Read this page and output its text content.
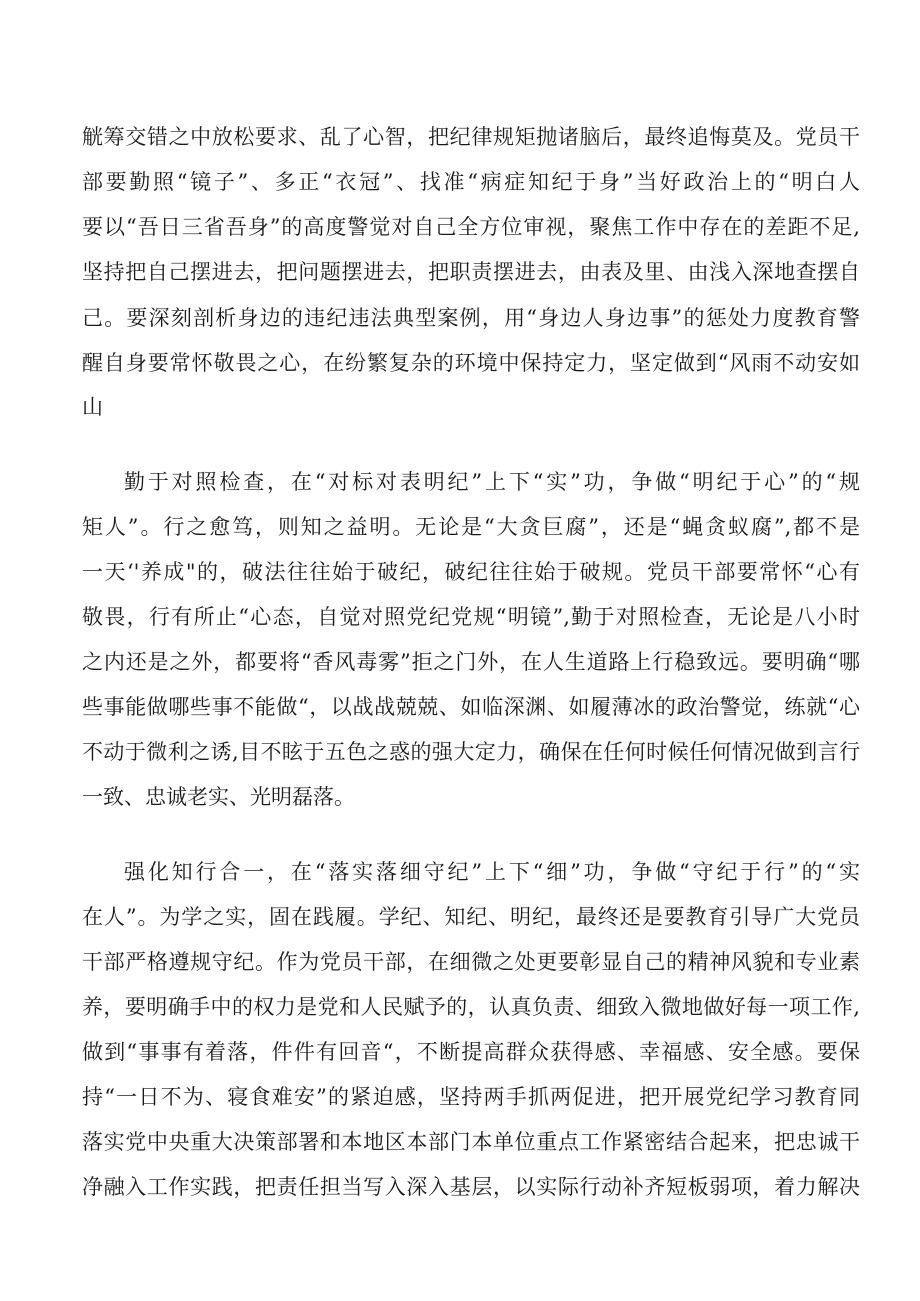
觥筹交错之中放松要求、乱了心智，把纪律规矩抛诸脑后，最终追悔莫及。党员干

部要勤照“镜子”、多正“衣冠”、找准“病症知纪于身”当好政治上的“明白人

要以“吾日三省吾身”的高度警觉对自己全方位审视，聚焦工作中存在的差距不足,

坚持把自己摆进去，把问题摆进去，把职责摆进去，由表及里、由浅入深地查摆自

己。要深刻剖析身边的违纪违法典型案例，用“身边人身边事”的惩处力度教育警

醒自身要常怀敬畏之心，在纷繁复杂的环境中保持定力，坚定做到“风雨不动安如

山

勤于对照检查，在“对标对表明纪”上下“实”功，争做“明纪于心”的“规

矩人”。行之愈笃，则知之益明。无论是“大贪巨腐”，还是“蝇贪蚁腐”,都不是

一天‘'养成"的，破法往往始于破纪，破纪往往始于破规。党员干部要常怀“心有

敬畏，行有所止“心态，自觉对照党纪党规“明镜”,勤于对照检查，无论是八小时

之内还是之外，都要将“香风毒雾”拒之门外，在人生道路上行稳致远。要明确“哪

些事能做哪些事不能做“，以战战兢兢、如临深渊、如履薄冰的政治警觉，练就“心

不动于微利之诱,目不眩于五色之惑的强大定力，确保在任何时候任何情况做到言行

一致、忠诚老实、光明磊落。

强化知行合一，在“落实落细守纪”上下“细”功，争做“守纪于行”的“实

在人”。为学之实，固在践履。学纪、知纪、明纪，最终还是要教育引导广大党员

干部严格遵规守纪。作为党员干部，在细微之处更要彰显自己的精神风貌和专业素

养，要明确手中的权力是党和人民赋予的，认真负责、细致入微地做好每一项工作,

做到“事事有着落，件件有回音“，不断提高群众获得感、幸福感、安全感。要保

持“一日不为、寝食难安”的紧迫感，坚持两手抓两促进，把开展党纪学习教育同

落实党中央重大决策部署和本地区本部门本单位重点工作紧密结合起来，把忠诚干

净融入工作实践，把责任担当写入深入基层，以实际行动补齐短板弱项，着力解决
